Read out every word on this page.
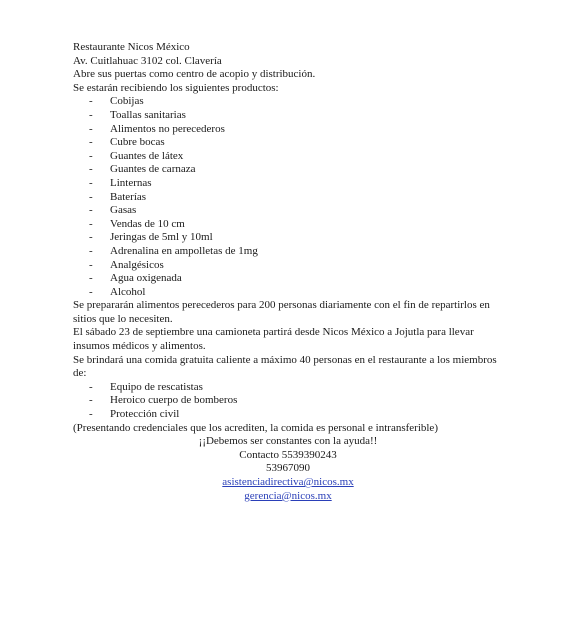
Restaurante Nicos México
Av. Cuitlahuac 3102 col. Clavería
Abre sus puertas como centro de acopio y distribución.
Se estarán recibiendo los siguientes productos:
- Cobijas
- Toallas sanitarias
- Alimentos no perecederos
- Cubre bocas
- Guantes de látex
- Guantes de carnaza
- Linternas
- Baterías
- Gasas
- Vendas de 10 cm
- Jeringas de 5ml y 10ml
- Adrenalina en ampolletas de 1mg
- Analgésicos
- Agua oxigenada
- Alcohol
Se prepararán alimentos perecederos para 200 personas diariamente con el fin de repartirlos en sitios que lo necesiten.
El sábado 23 de septiembre una camioneta partirá desde Nicos México a Jojutla para llevar insumos médicos y alimentos.
Se brindará una comida gratuita caliente a máximo 40 personas en el restaurante a los miembros de:
- Equipo de rescatistas
- Heroico cuerpo de bomberos
- Protección civil
(Presentando credenciales que los acrediten, la comida es personal e intransferible)
¡¡Debemos ser constantes con la ayuda!!
Contacto 5539390243
53967090
asistenciadirectiva@nicos.mx
gerencia@nicos.mx
